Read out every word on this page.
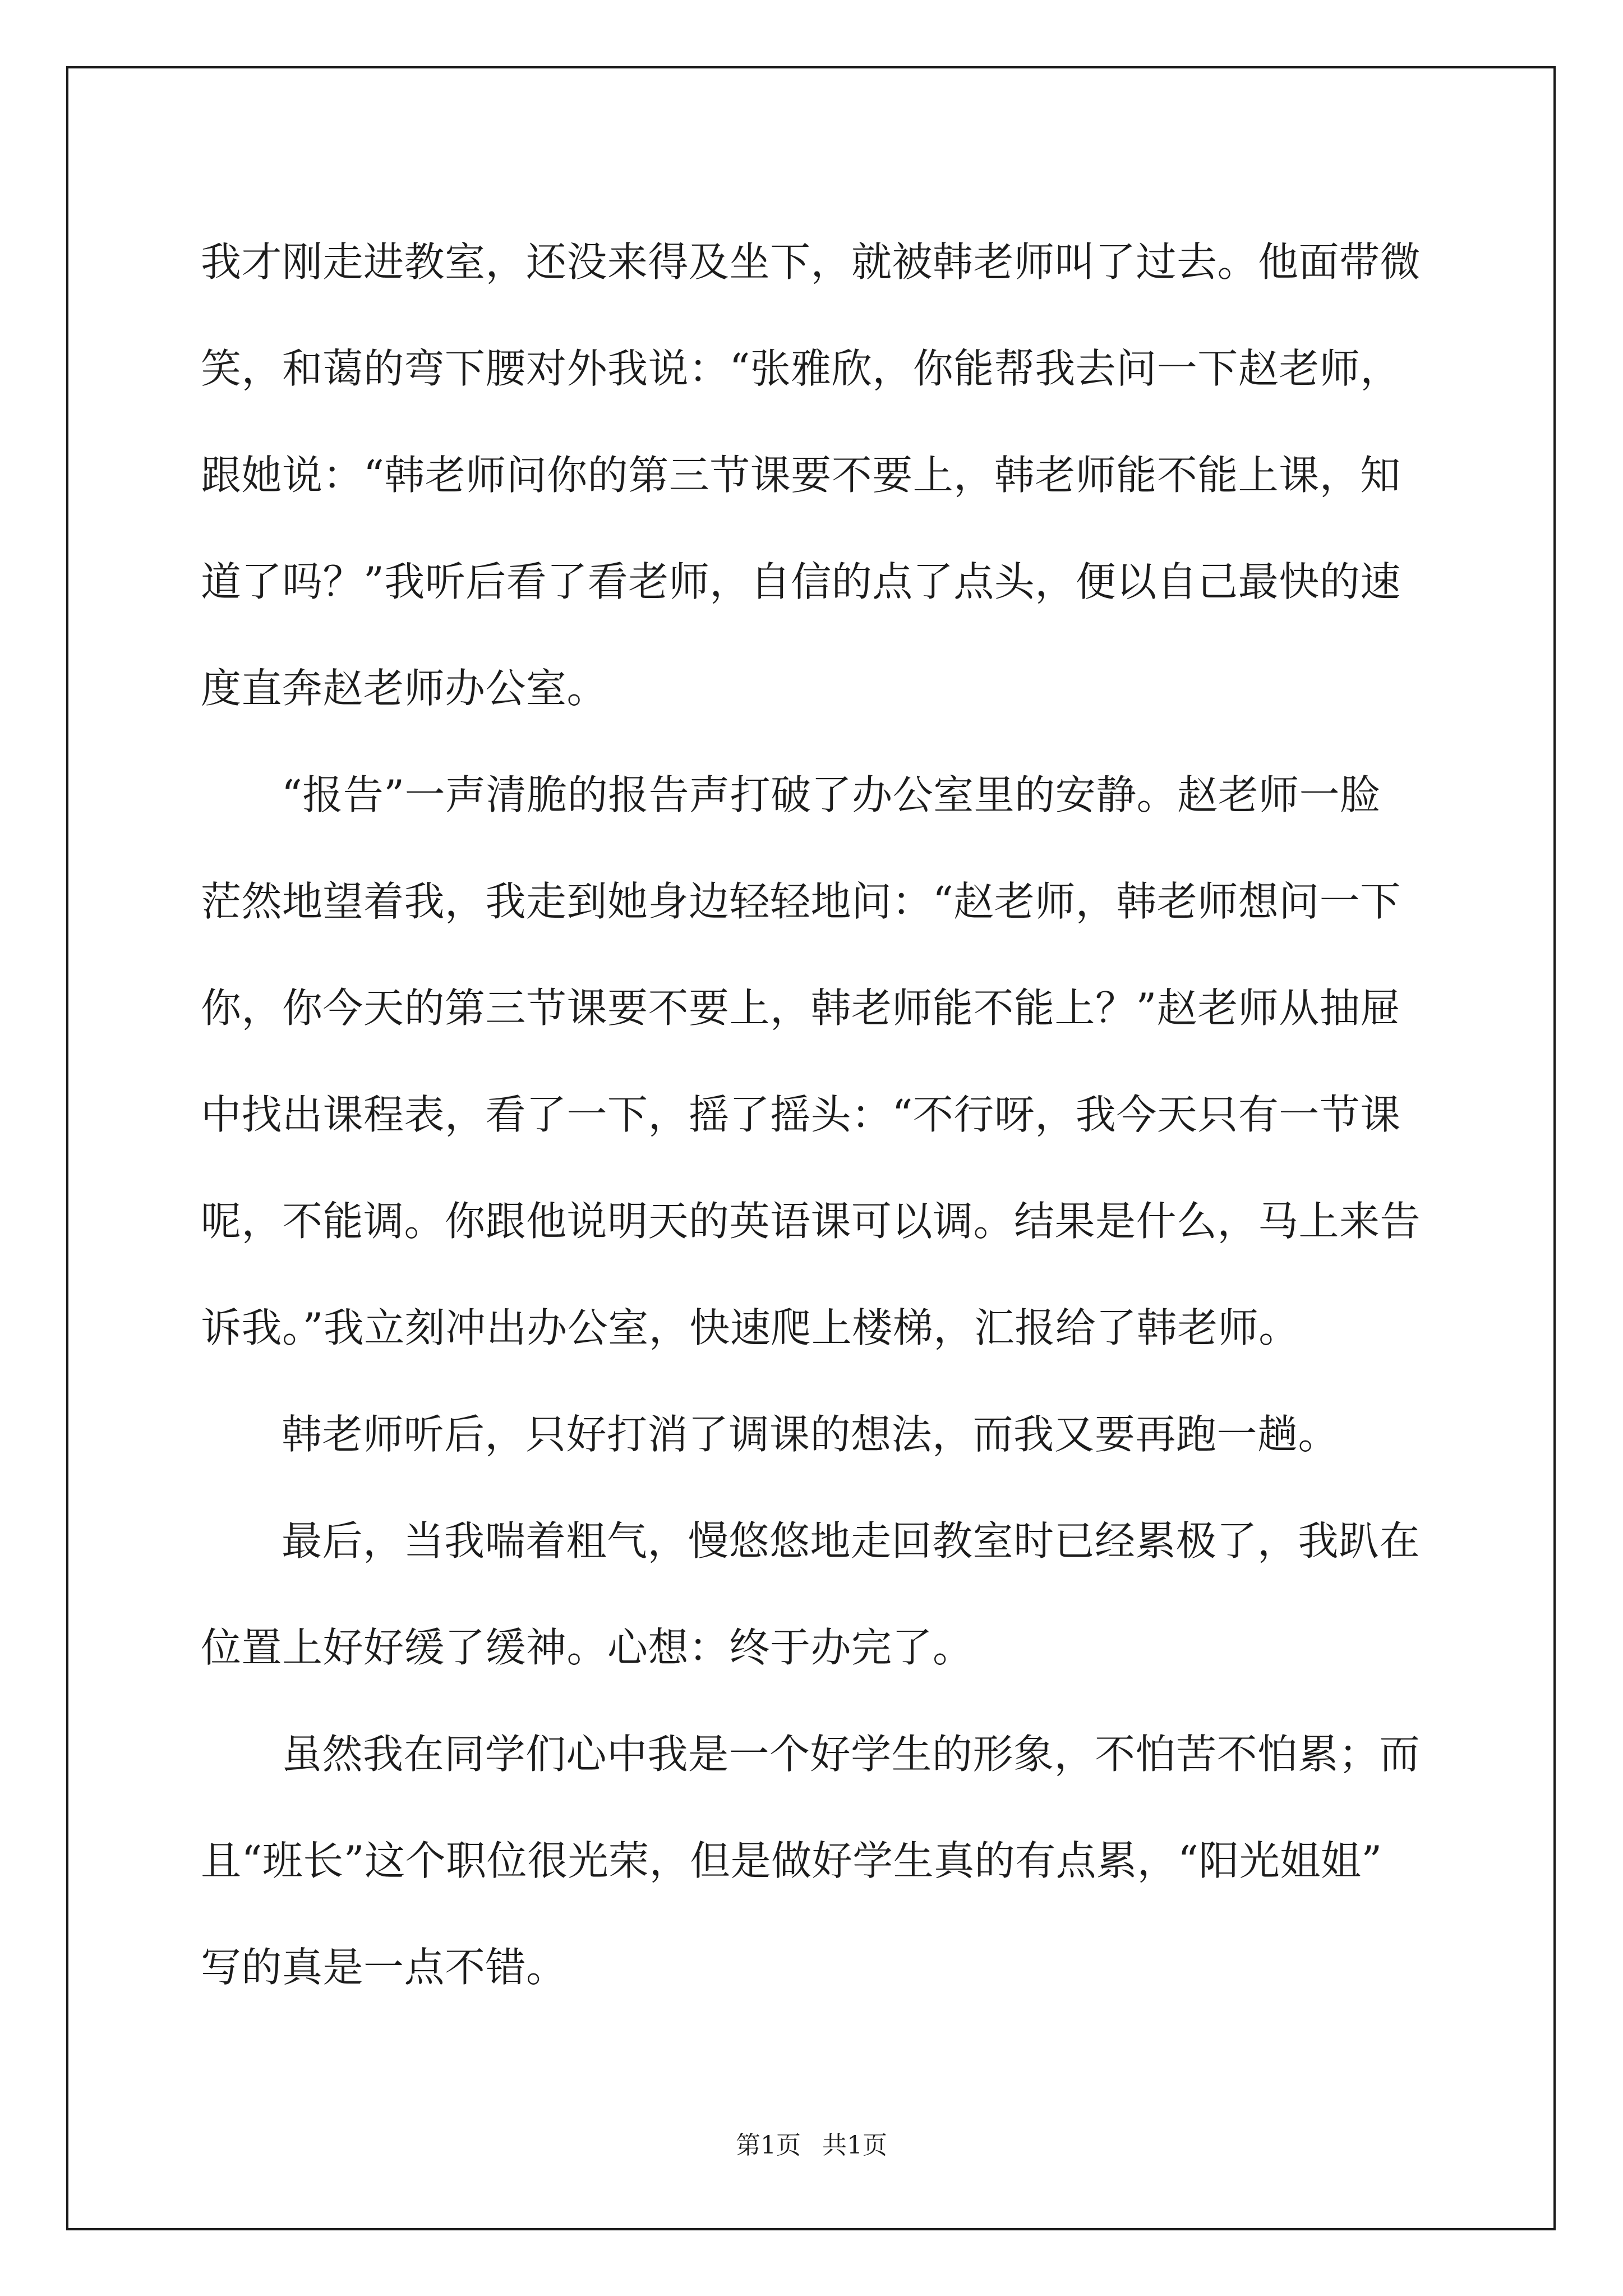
我才刚走进教室，还没来得及坐下，就被韩老师叫了过去。他面带微
笑，和蔼的弯下腰对外我说：“张雅欣，你能帮我去问一下赵老师，
跟她说：“韩老师问你的第三节课要不要上，韩老师能不能上课，知
道了吗？”我听后看了看老师，自信的点了点头，便以自己最快的速
度直奔赵老师办公室。

“报告”一声清脆的报告声打破了办公室里的安静。赵老师一脸
茫然地望着我，我走到她身边轻轻地问：“赵老师，韩老师想问一下
你，你今天的第三节课要不要上，韩老师能不能上？”赵老师从抽屉
中找出课程表，看了一下，摇了摇头：“不行呀，我今天只有一节课
呢，不能调。你跟他说明天的英语课可以调。结果是什么，马上来告
诉我。”我立刻冲出办公室，快速爬上楼梯，汇报给了韩老师。

韩老师听后，只好打消了调课的想法，而我又要再跑一趟。

最后，当我喘着粗气，慢悠悠地走回教室时已经累极了，我趴在
位置上好好缓了缓神。心想：终于办完了。

虽然我在同学们心中我是一个好学生的形象，不怕苦不怕累；而
且“班长”这个职位很光荣，但是做好学生真的有点累，“阳光姐姐”
写的真是一点不错。

第1页 共1页
